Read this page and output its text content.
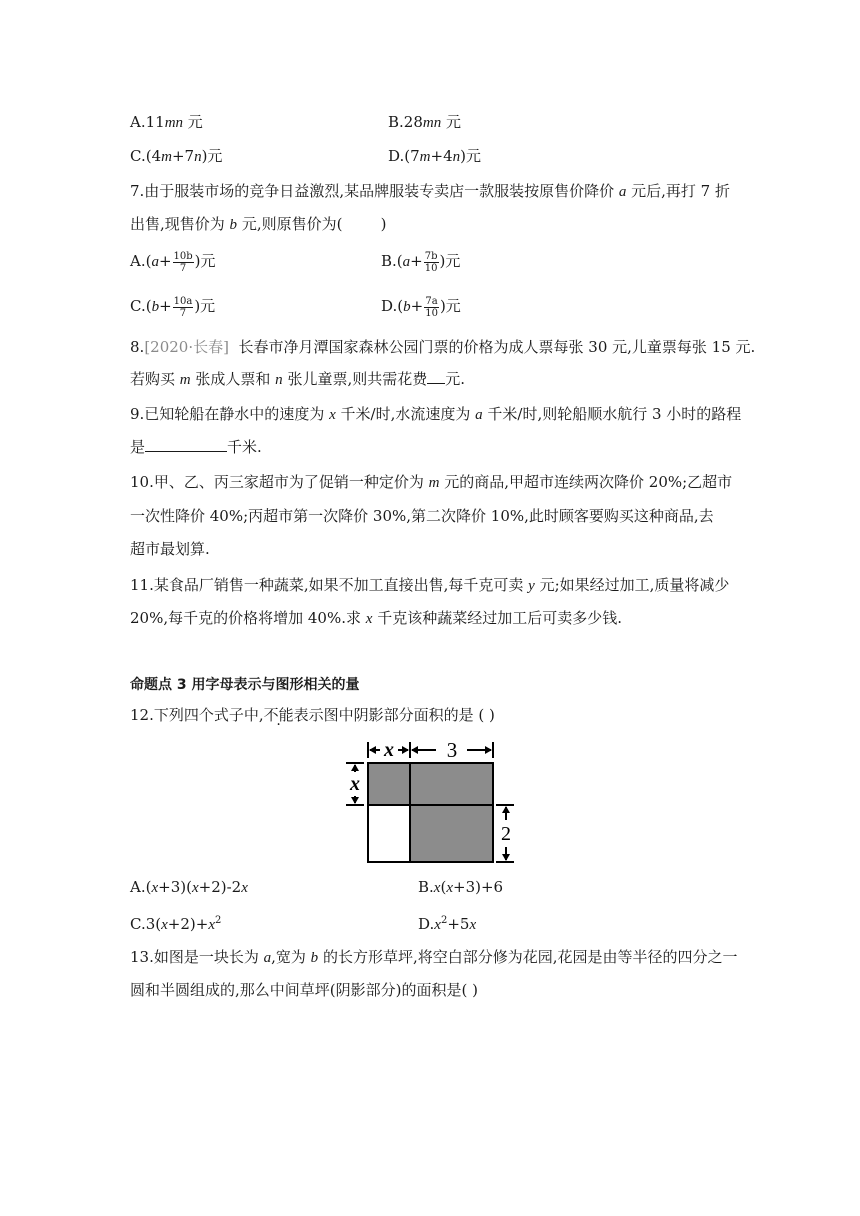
A.11mn 元	B.28mn 元
C.(4m+7n)元	D.(7m+4n)元
7.由于服装市场的竞争日益激烈,某品牌服装专卖店一款服装按原售价降价 a 元后,再打 7 折
出售,现售价为 b 元,则原售价为(        )
$A.(a+ \frac{10b}{7}$ )元	$B.(a+ \frac{7b}{10}$ )元
$C.(b+ \frac{10a}{7}$ )元	$D.(b+ \frac{7a}{10}$ )元
8.[2020·长春] 长春市净月潭国家森林公园门票的价格为成人票每张 30 元,儿童票每张 15 元.
若购买 m 张成人票和 n 张儿童票,则共需花费 元.
9.已知轮船在静水中的速度为 x 千米/时,水流速度为 a 千米/时,则轮船顺水航行 3 小时的路程
是	千米.
10.甲、乙、丙三家超市为了促销一种定价为 m 元的商品,甲超市连续两次降价 20%;乙超市
一次性降价 40%;丙超市第一次降价 30%,第二次降价 10%,此时顾客要购买这种商品,去
超市最划算.
11.某食品厂销售一种蔬菜,如果不加工直接出售,每千克可卖 y 元;如果经过加工,质量将减少
20%,每千克的价格将增加 40%.求 x 千克该种蔬菜经过加工后可卖多少钱.
命题点 3 用字母表示与图形相关的量
12.下列四个式子中,不能表示图中阴影部分面积的是 ( )
x	3
x
2
A.(x+3)(x+2)-2x	B.x(x+3)+6
$C.3(x+2)+x^2$	$D.x^2+5x$
13.如图是一块长为 a,宽为 b 的长方形草坪,将空白部分修为花园,花园是由等半径的四分之一
圆和半圆组成的,那么中间草坪(阴影部分)的面积是( )
